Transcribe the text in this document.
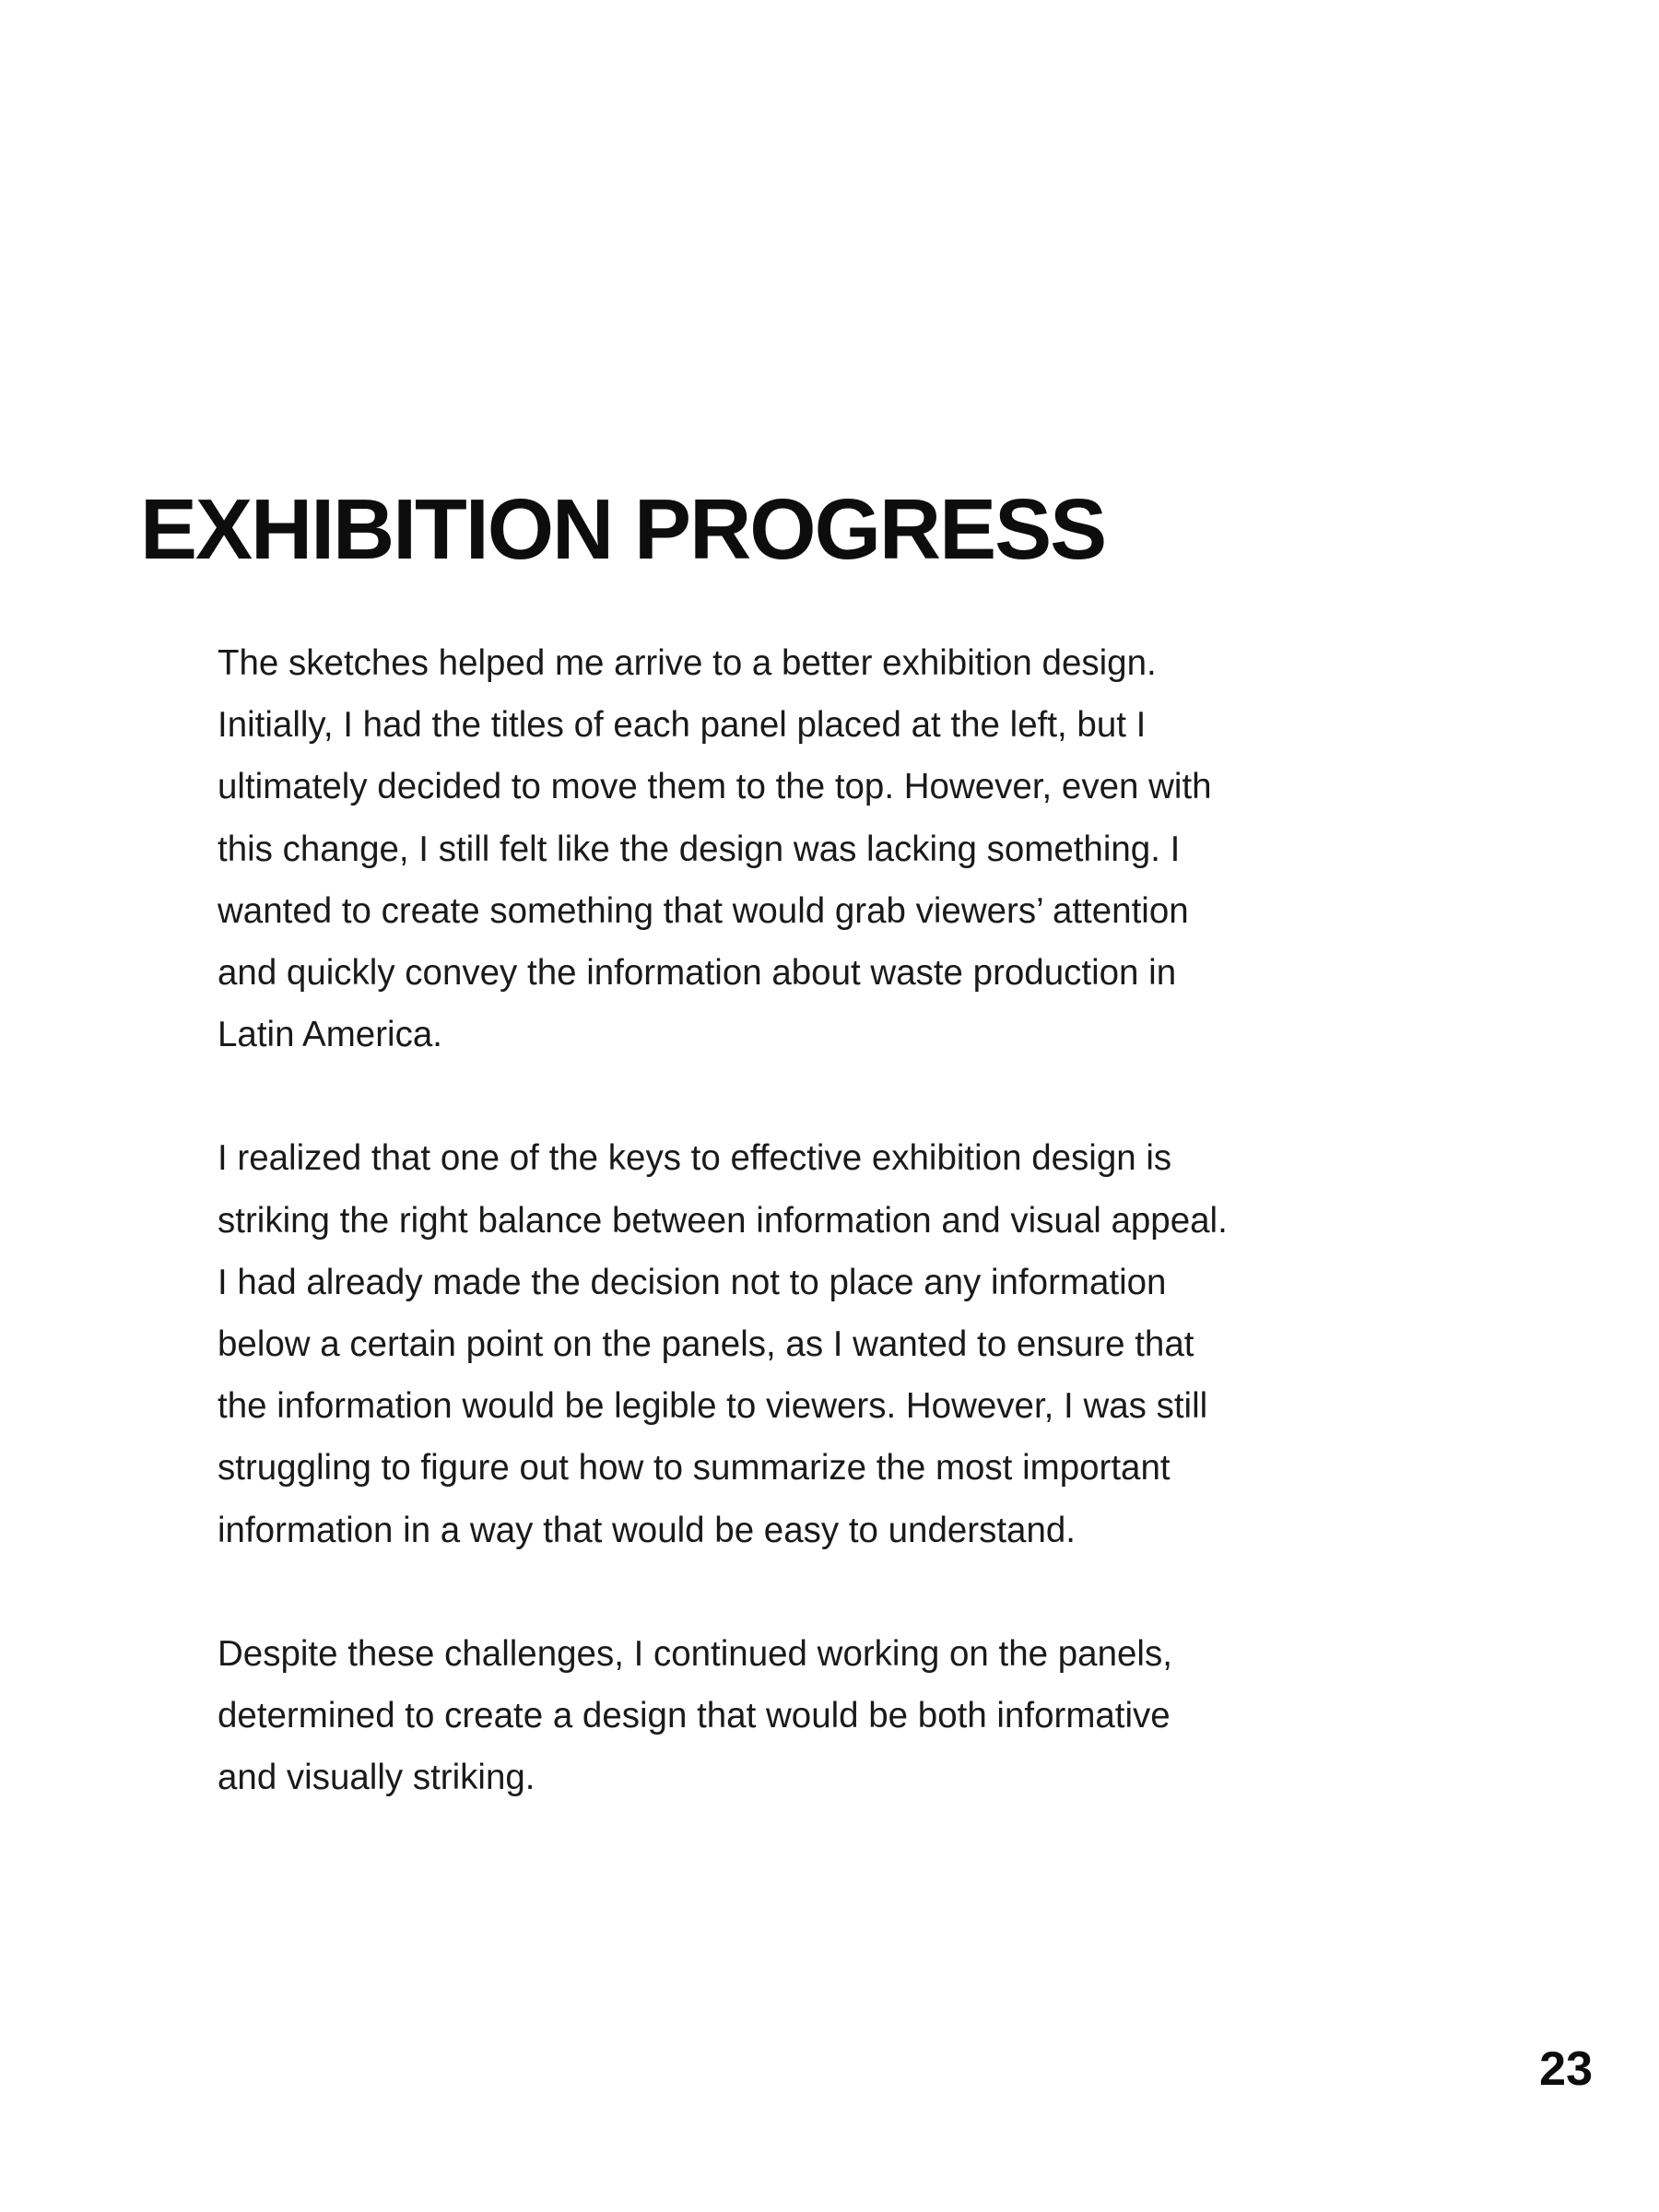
EXHIBITION PROGRESS

The sketches helped me arrive to a better exhibition design.
Initially, I had the titles of each panel placed at the left, but I
ultimately decided to move them to the top. However, even with
this change, I still felt like the design was lacking something. I
wanted to create something that would grab viewers’ attention
and quickly convey the information about waste production in
Latin America.

I realized that one of the keys to effective exhibition design is
striking the right balance between information and visual appeal.
I had already made the decision not to place any information
below a certain point on the panels, as I wanted to ensure that
the information would be legible to viewers. However, I was still
struggling to figure out how to summarize the most important
information in a way that would be easy to understand.

Despite these challenges, I continued working on the panels,
determined to create a design that would be both informative
and visually striking.

23
